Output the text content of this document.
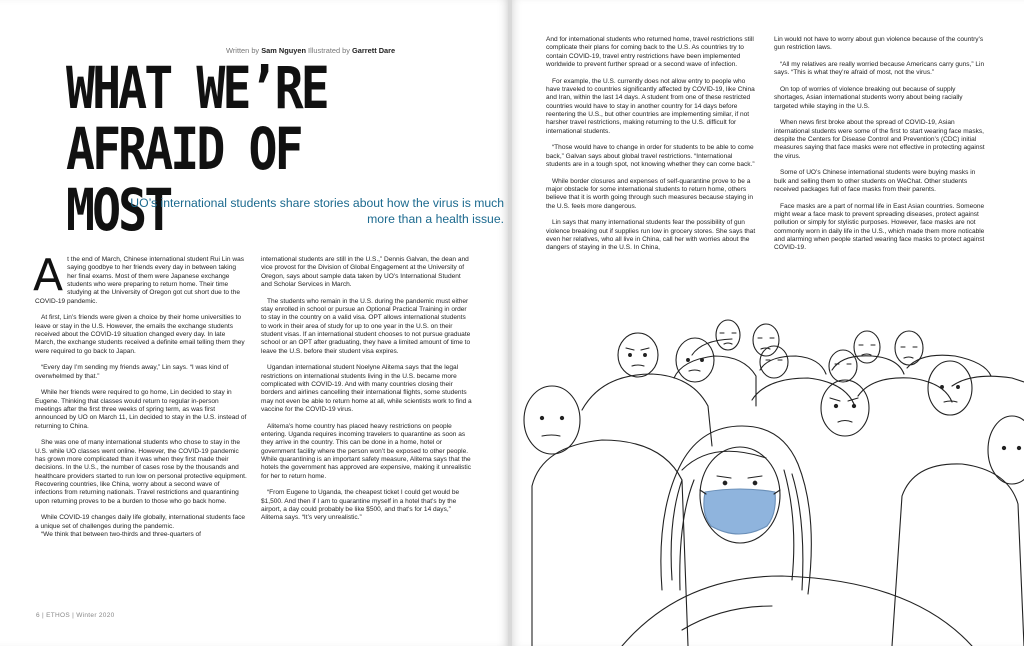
Written by Sam Nguyen Illustrated by Garrett Dare
WHAT WE’RE

AFRAID OF MOST

UO’s international students share stories about how the virus is much more than a health issue.

At the end of March, Chinese international student Rui Lin was saying goodbye to her friends every day in between taking her final exams. Most of them were Japanese exchange students who were preparing to return home. Their time studying at the University of Oregon got cut short due to the COVID-19 pandemic.

At first, Lin’s friends were given a choice by their home universities to leave or stay in the U.S. However, the emails the exchange students received about the COVID-19 situation changed every day. In late March, the exchange students received a definite email telling them they were required to go back to Japan.

“Every day I’m sending my friends away,” Lin says. “I was kind of overwhelmed by that.”

While her friends were required to go home, Lin decided to stay in Eugene. Thinking that classes would return to regular in-person meetings after the first three weeks of spring term, as was first announced by UO on March 11, Lin decided to stay in the U.S. instead of returning to China.

She was one of many international students who chose to stay in the U.S. while UO classes went online. However, the COVID-19 pandemic has grown more complicated than it was when they first made their decisions. In the U.S., the number of cases rose by the thousands and healthcare providers started to run low on personal protective equipment. Recovering countries, like China, worry about a second wave of infections from returning nationals. Travel restrictions and quarantining upon returning proves to be a burden to those who go back home.

While COVID-19 changes daily life globally, international students face a unique set of challenges during the pandemic.

“We think that between two-thirds and three-quarters of

international students are still in the U.S.,” Dennis Galvan, the dean and vice provost for the Division of Global Engagement at the University of Oregon, says about sample data taken by UO’s International Student and Scholar Services in March.

The students who remain in the U.S. during the pandemic must either stay enrolled in school or pursue an Optional Practical Training in order to stay in the country on a valid visa. OPT allows international students to work in their area of study for up to one year in the U.S. on their student visas. If an international student chooses to not pursue graduate school or an OPT after graduating, they have a limited amount of time to leave the U.S. before their student visa expires.

Ugandan international student Noelyne Alitema says that the legal restrictions on international students living in the U.S. became more complicated with COVID-19. And with many countries closing their borders and airlines cancelling their international flights, some students may not even be able to return home at all, while scientists work to find a vaccine for the COVID-19 virus.

Alitema’s home country has placed heavy restrictions on people entering. Uganda requires incoming travelers to quarantine as soon as they arrive in the country. This can be done in a home, hotel or government facility where the person won’t be exposed to other people. While quarantining is an important safety measure, Alitema says that the hotels the government has approved are expensive, making it unrealistic for her to return home.

“From Eugene to Uganda, the cheapest ticket I could get would be $1,500. And then if I am to quarantine myself in a hotel that’s by the airport, a day could probably be like $500, and that’s for 14 days,” Alitema says. “It’s very unrealistic.”

6 | ETHOS | Winter 2020

And for international students who returned home, travel restrictions still complicate their plans for coming back to the U.S. As countries try to contain COVID-19, travel entry restrictions have been implemented worldwide to prevent further spread or a second wave of infection.

For example, the U.S. currently does not allow entry to people who have traveled to countries significantly affected by COVID-19, like China and Iran, within the last 14 days. A student from one of these restricted countries would have to stay in another country for 14 days before reentering the U.S., but other countries are implementing similar, if not harsher travel restrictions, making returning to the U.S. difficult for international students.

“Those would have to change in order for students to be able to come back,” Galvan says about global travel restrictions. “International students are in a tough spot, not knowing whether they can come back.”

While border closures and expenses of self-quarantine prove to be a major obstacle for some international students to return home, others believe that it is worth going through such measures because staying in the U.S. feels more dangerous.

Lin says that many international students fear the possibility of gun violence breaking out if supplies run low in grocery stores. She says that even her relatives, who all live in China, call her with worries about the dangers of staying in the U.S. In China,

Lin would not have to worry about gun violence because of the country’s gun restriction laws.

“All my relatives are really worried because Americans carry guns,” Lin says. “This is what they’re afraid of most, not the virus.”

On top of worries of violence breaking out because of supply shortages, Asian international students worry about being racially targeted while staying in the U.S.

When news first broke about the spread of COVID-19, Asian international students were some of the first to start wearing face masks, despite the Centers for Disease Control and Prevention’s (CDC) initial measures saying that face masks were not effective in protecting against the virus.

Some of UO’s Chinese international students were buying masks in bulk and selling them to other students on WeChat. Other students received packages full of face masks from their parents.

Face masks are a part of normal life in East Asian countries. Someone might wear a face mask to prevent spreading diseases, protect against pollution or simply for stylistic purposes. However, face masks are not commonly worn in daily life in the U.S., which made them more noticable and alarming when people started wearing face masks to protect against COVID-19.
